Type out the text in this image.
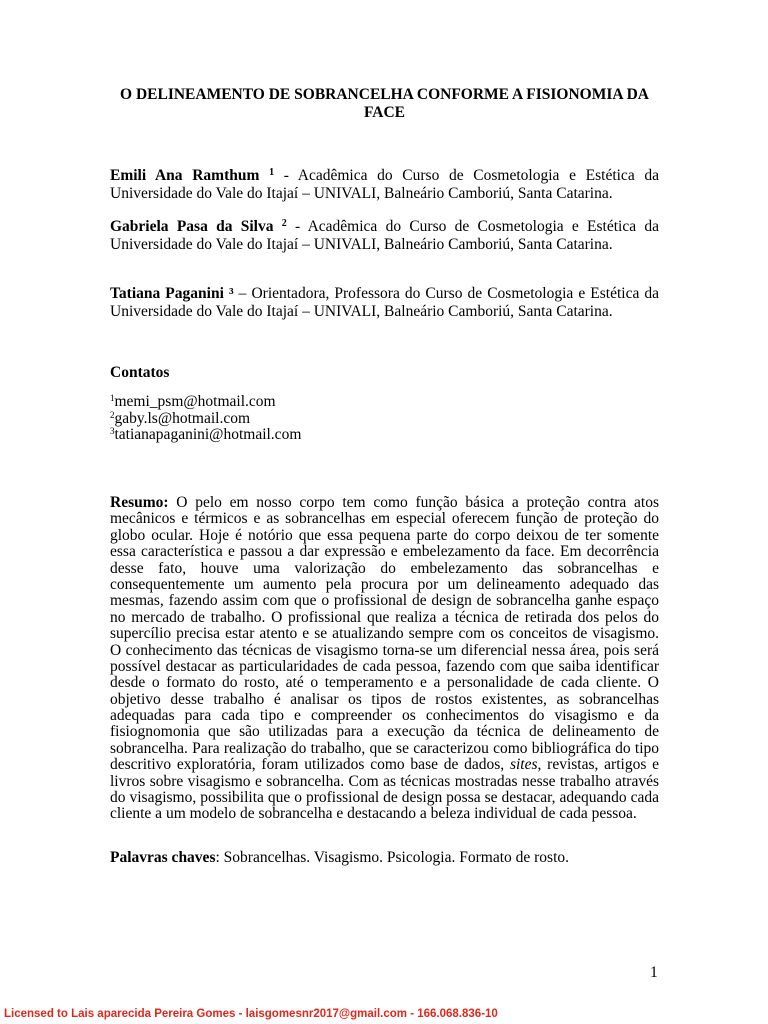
O DELINEAMENTO DE SOBRANCELHA CONFORME A FISIONOMIA DA
FACE
Emili Ana Ramthum $^1$ - Acadêmica do Curso de Cosmetologia e Estética da
Universidade do Vale do Itajaí – UNIVALI, Balneário Camboriú, Santa Catarina.
Gabriela Pasa da Silva $^2$ - Acadêmica do Curso de Cosmetologia e Estética da
Universidade do Vale do Itajaí – UNIVALI, Balneário Camboriú, Santa Catarina.
Tatiana Paganini ³ – Orientadora, Professora do Curso de Cosmetologia e Estética da
Universidade do Vale do Itajaí – UNIVALI, Balneário Camboriú, Santa Catarina.
Contatos
$^1$memi_psm@hotmail.com
$^2$gaby.ls@hotmail.com
$^3$tatianapaganini@hotmail.com
Resumo: O pelo em nosso corpo tem como função básica a proteção contra atos
mecânicos e térmicos e as sobrancelhas em especial oferecem função de proteção do
globo ocular. Hoje é notório que essa pequena parte do corpo deixou de ter somente
essa característica e passou a dar expressão e embelezamento da face. Em decorrência
desse fato, houve uma valorização do embelezamento das sobrancelhas e
consequentemente um aumento pela procura por um delineamento adequado das
mesmas, fazendo assim com que o profissional de design de sobrancelha ganhe espaço
no mercado de trabalho. O profissional que realiza a técnica de retirada dos pelos do
supercílio precisa estar atento e se atualizando sempre com os conceitos de visagismo.
O conhecimento das técnicas de visagismo torna-se um diferencial nessa área, pois será
possível destacar as particularidades de cada pessoa, fazendo com que saiba identificar
desde o formato do rosto, até o temperamento e a personalidade de cada cliente. O
objetivo desse trabalho é analisar os tipos de rostos existentes, as sobrancelhas
adequadas para cada tipo e compreender os conhecimentos do visagismo e da
fisiognomonia que são utilizadas para a execução da técnica de delineamento de
sobrancelha. Para realização do trabalho, que se caracterizou como bibliográfica do tipo
descritivo exploratória, foram utilizados como base de dados, sites, revistas, artigos e
livros sobre visagismo e sobrancelha. Com as técnicas mostradas nesse trabalho através
do visagismo, possibilita que o profissional de design possa se destacar, adequando cada
cliente a um modelo de sobrancelha e destacando a beleza individual de cada pessoa.
Palavras chaves: Sobrancelhas. Visagismo. Psicologia. Formato de rosto.
1
Licensed to Lais aparecida Pereira Gomes - laisgomesnr2017@gmail.com - 166.068.836-10
